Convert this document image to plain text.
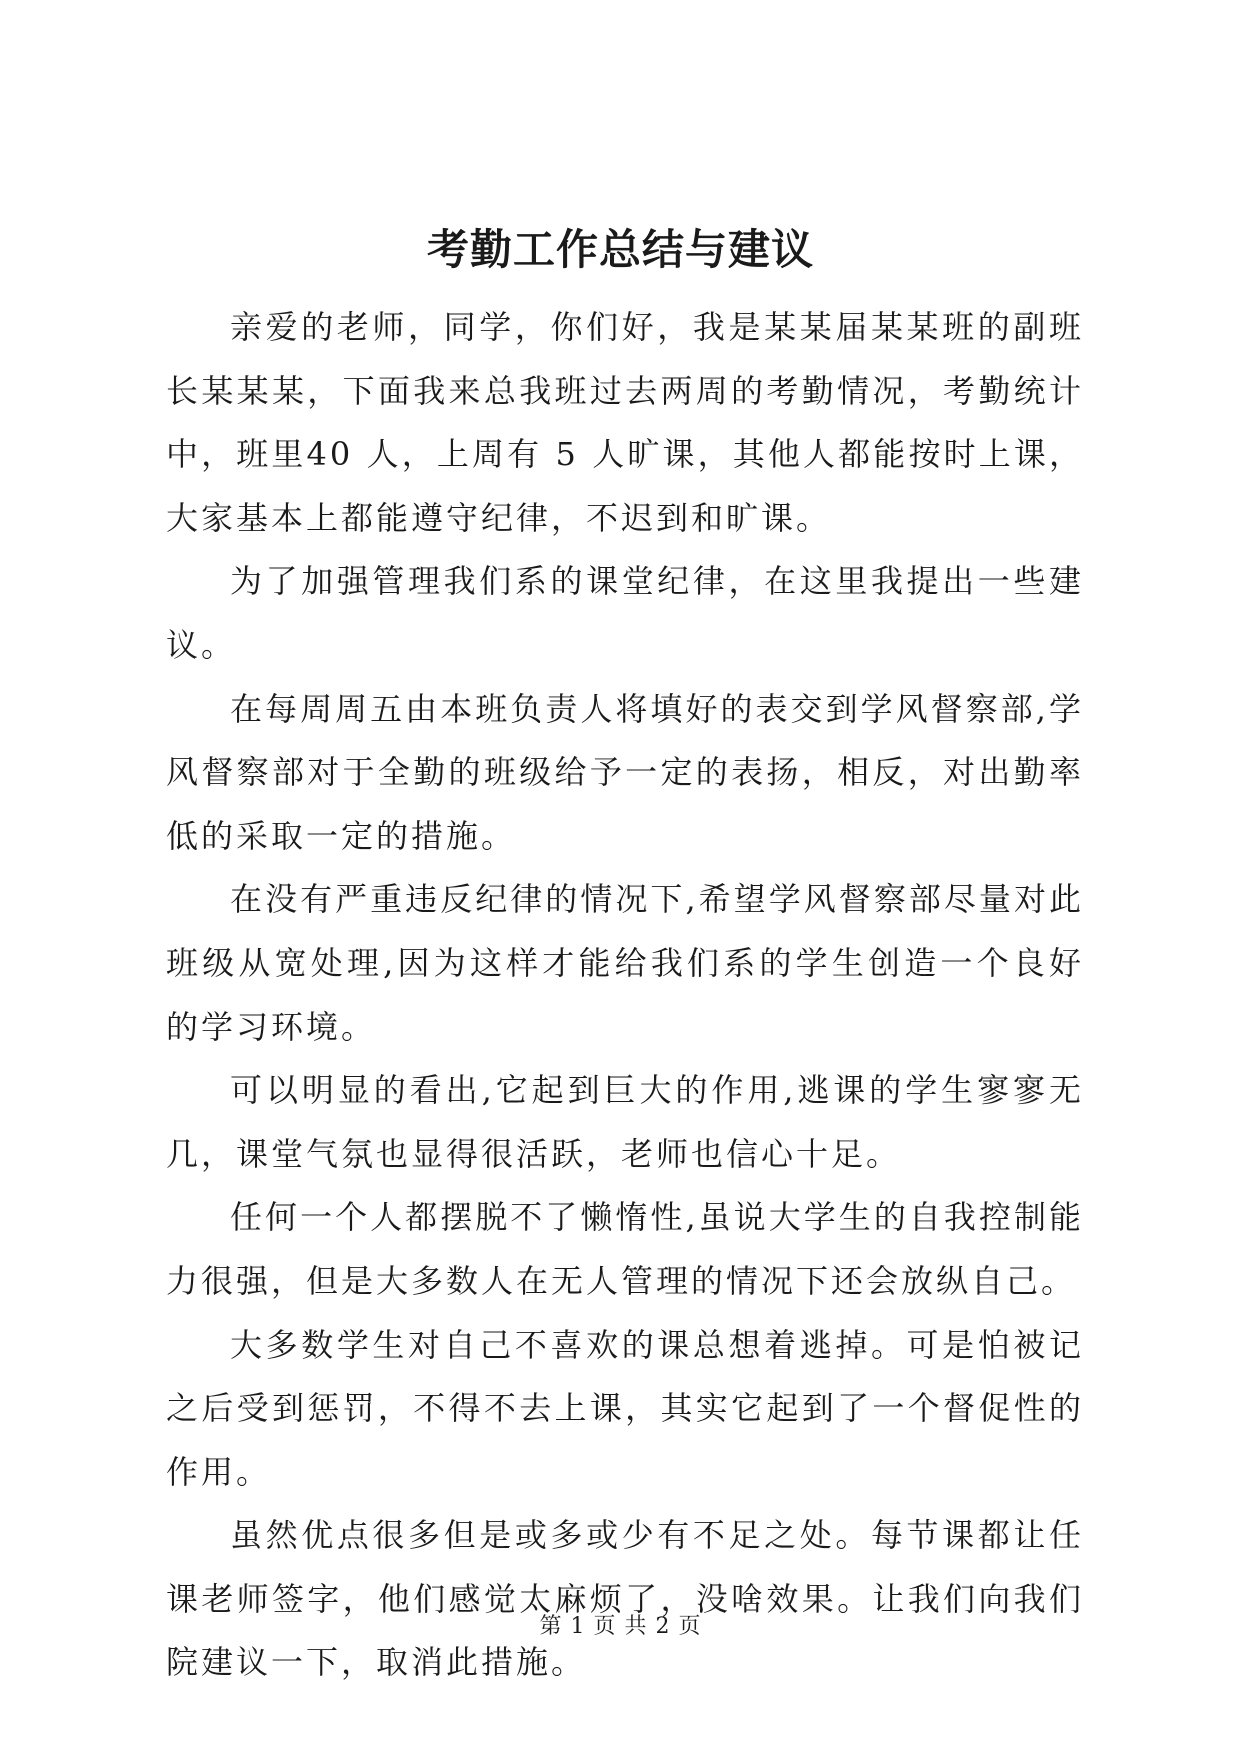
考勤工作总结与建议

亲爱的老师，同学，你们好，我是某某届某某班的副班长某某某，下面我来总我班过去两周的考勤情况，考勤统计中，班里40 人，上周有 5 人旷课，其他人都能按时上课，大家基本上都能遵守纪律，不迟到和旷课。

为了加强管理我们系的课堂纪律，在这里我提出一些建议。

在每周周五由本班负责人将填好的表交到学风督察部,学风督察部对于全勤的班级给予一定的表扬，相反，对出勤率低的采取一定的措施。

在没有严重违反纪律的情况下,希望学风督察部尽量对此班级从宽处理,因为这样才能给我们系的学生创造一个良好的学习环境。

可以明显的看出,它起到巨大的作用,逃课的学生寥寥无几，课堂气氛也显得很活跃，老师也信心十足。

任何一个人都摆脱不了懒惰性,虽说大学生的自我控制能力很强，但是大多数人在无人管理的情况下还会放纵自己。

大多数学生对自己不喜欢的课总想着逃掉。可是怕被记之后受到惩罚，不得不去上课，其实它起到了一个督促性的作用。

虽然优点很多但是或多或少有不足之处。每节课都让任课老师签字，他们感觉太麻烦了，没啥效果。让我们向我们院建议一下，取消此措施。

第 1 页 共 2 页
